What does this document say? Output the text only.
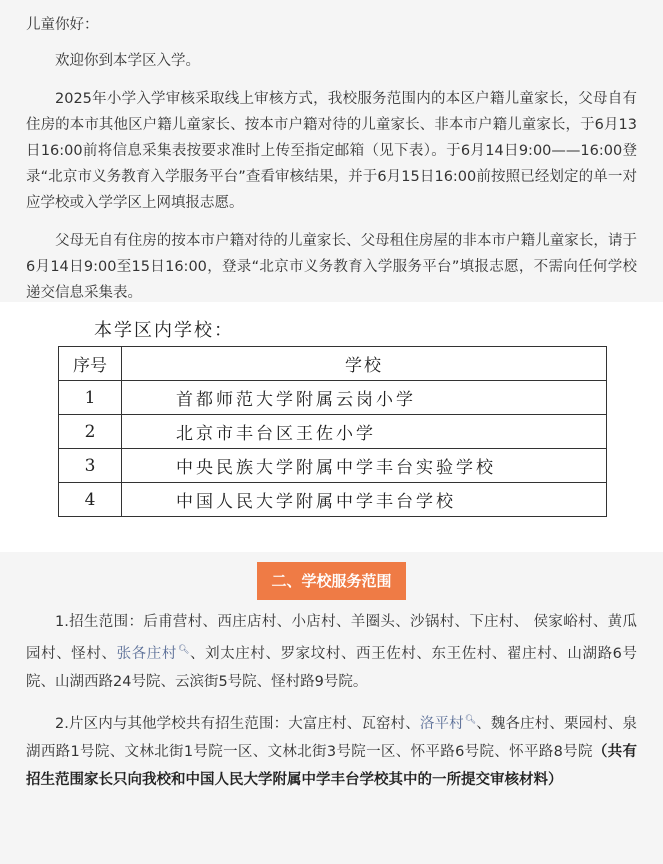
儿童你好：

欢迎你到本学区入学。

2025年小学入学审核采取线上审核方式，我校服务范围内的本区户籍儿童家长，父母自有住房的本市其他区户籍儿童家长、按本市户籍对待的儿童家长、非本市户籍儿童家长，于6月13日16:00前将信息采集表按要求准时上传至指定邮箱（见下表）。于6月14日9:00——16:00登录“北京市义务教育入学服务平台”查看审核结果，并于6月15日16:00前按照已经划定的单一对应学校或入学学区上网填报志愿。

父母无自有住房的按本市户籍对待的儿童家长、父母租住房屋的非本市户籍儿童家长，请于6月14日9:00至15日16:00，登录“北京市义务教育入学服务平台”填报志愿，不需向任何学校递交信息采集表。

本学区内学校：
序号	学校
1	首都师范大学附属云岗小学
2	北京市丰台区王佐小学
3	中央民族大学附属中学丰台实验学校
4	中国人民大学附属中学丰台学校
二、学校服务范围

1.招生范围：后甫营村、西庄店村、小店村、羊圈头、沙锅村、下庄村、 侯家峪村、黄瓜园村、怪村、张各庄村🔍︎、刘太庄村、罗家坟村、西王佐村、东王佐村、翟庄村、山湖路6号院、山湖西路24号院、云滨街5号院、怪村路9号院。

2.片区内与其他学校共有招生范围：大富庄村、瓦窑村、洛平村🔍︎、魏各庄村、栗园村、泉湖西路1号院、文林北街1号院一区、文林北街3号院一区、怀平路6号院、怀平路8号院（共有招生范围家长只向我校和中国人民大学附属中学丰台学校其中的一所提交审核材料）
